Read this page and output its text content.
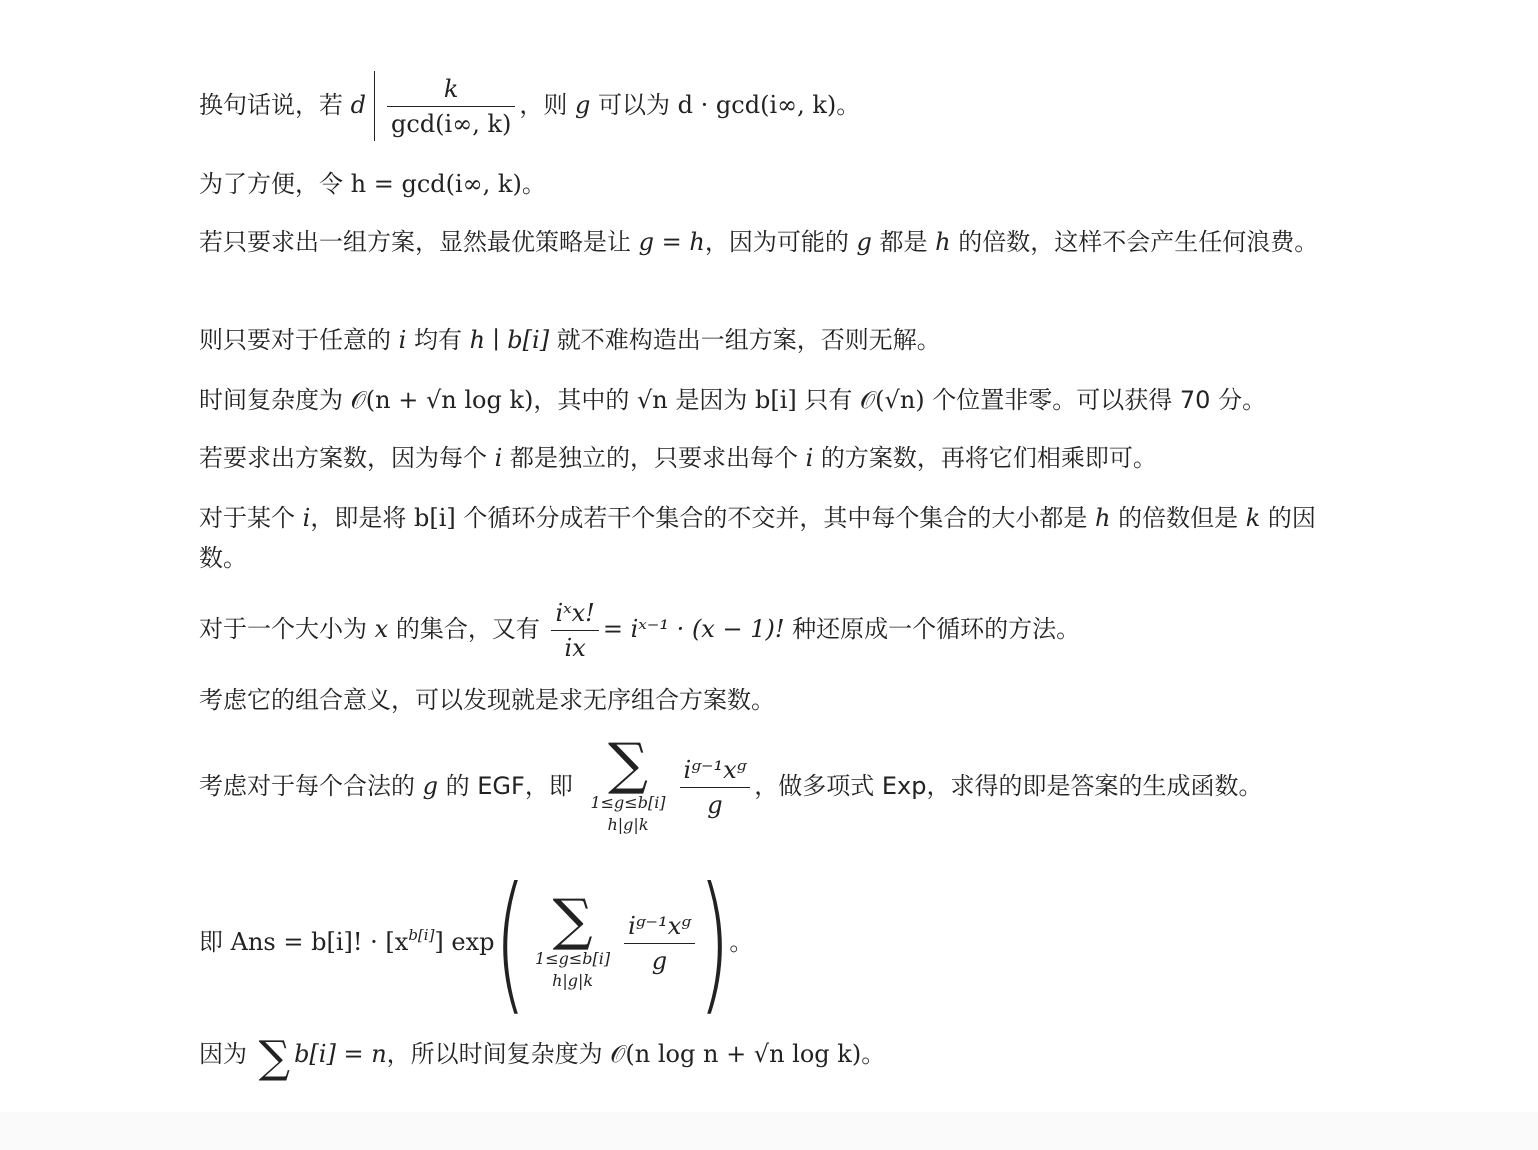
换句话说，若 d $\frac{k}{\gcd(i\infty, k)}$ ，则 g 可以为 d · gcd(i∞, k)。
为了方便，令 h = gcd(i∞, k)。
若只要求出一组方案，显然最优策略是让 g = h，因为可能的 g 都是 h 的倍数，这样不会产生任何浪费。
则只要对于任意的 i 均有 h ∣ b[i] 就不难构造出一组方案，否则无解。
时间复杂度为 𝒪(n + √n log k)，其中的 √n 是因为 b[i] 只有 𝒪(√n) 个位置非零。可以获得 70 分。
若要求出方案数，因为每个 i 都是独立的，只要求出每个 i 的方案数，再将它们相乘即可。
对于某个 i，即是将 b[i] 个循环分成若干个集合的不交并，其中每个集合的大小都是 h 的倍数但是 k 的因数。
对于一个大小为 x 的集合，又有 $\frac{\text{iˣx!}}{ix}$ = iˣ⁻¹ · (x − 1)! 种还原成一个循环的方法。
考虑它的组合意义，可以发现就是求无序组合方案数。
考虑对于每个合法的 g 的 EGF，即 ∑
1≤g≤b[i]
h|g|k
$\frac{\text{iᵍ⁻¹xᵍ}}{g}$ ，做多项式 Exp，求得的即是答案的生成函数。
即 Ans = b[i]! · $[x^{b[i]}]$ exp( ∑
1≤g≤b[i]
h|g|k
$\frac{\text{iᵍ⁻¹xᵍ}}{g}$ )。
因为 ∑ b[i] = n，所以时间复杂度为 𝒪(n log n + √n log k)。
